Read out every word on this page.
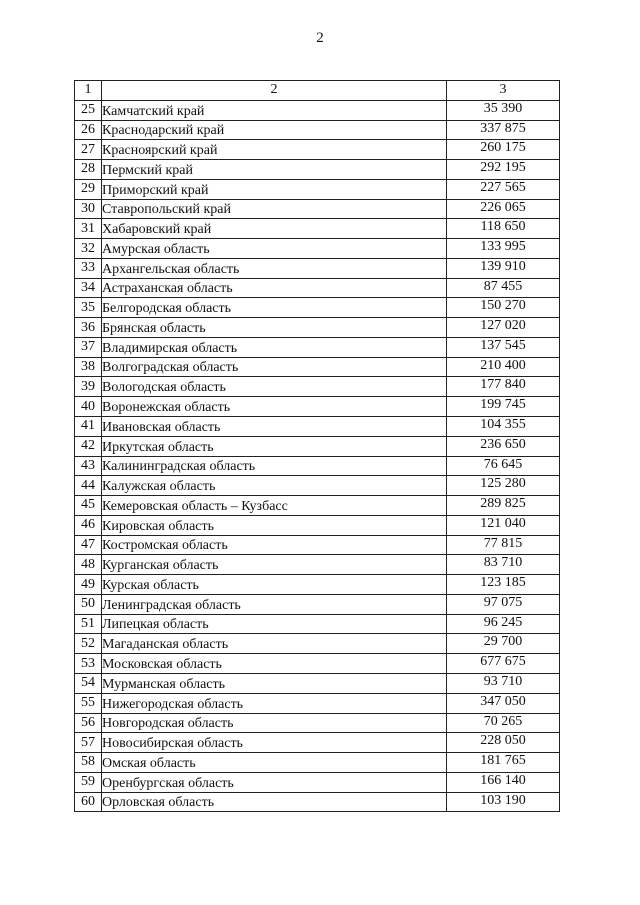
2
1	2	3
25	Камчатский край	35 390
26	Краснодарский край	337 875
27	Красноярский край	260 175
28	Пермский край	292 195
29	Приморский край	227 565
30	Ставропольский край	226 065
31	Хабаровский край	118 650
32	Амурская область	133 995
33	Архангельская область	139 910
34	Астраханская область	87 455
35	Белгородская область	150 270
36	Брянская область	127 020
37	Владимирская область	137 545
38	Волгоградская область	210 400
39	Вологодская область	177 840
40	Воронежская область	199 745
41	Ивановская область	104 355
42	Иркутская область	236 650
43	Калининградская область	76 645
44	Калужская область	125 280
45	Кемеровская область – Кузбасс	289 825
46	Кировская область	121 040
47	Костромская область	77 815
48	Курганская область	83 710
49	Курская область	123 185
50	Ленинградская область	97 075
51	Липецкая область	96 245
52	Магаданская область	29 700
53	Московская область	677 675
54	Мурманская область	93 710
55	Нижегородская область	347 050
56	Новгородская область	70 265
57	Новосибирская область	228 050
58	Омская область	181 765
59	Оренбургская область	166 140
60	Орловская область	103 190
